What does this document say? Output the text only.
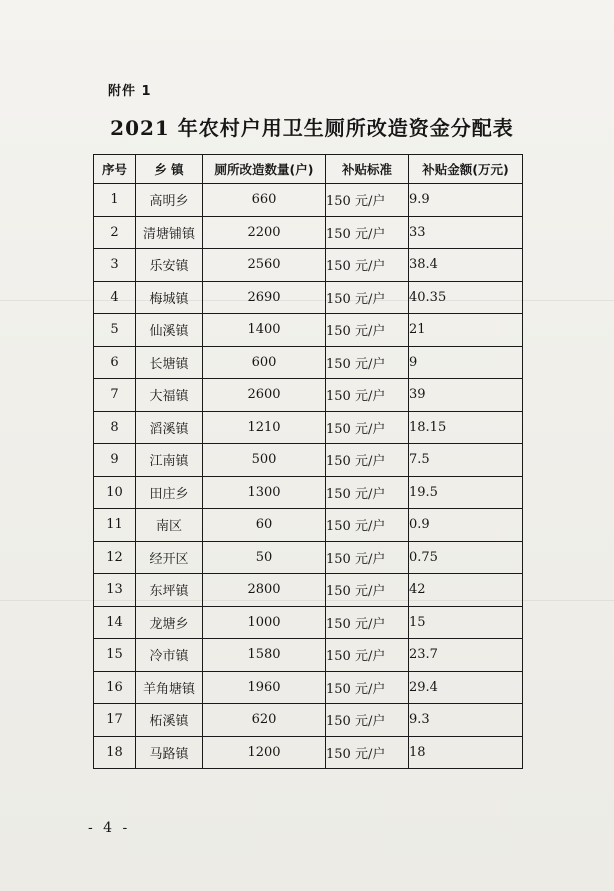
附件 1
2021 年农村户用卫生厕所改造资金分配表
序号	乡 镇	厕所改造数量(户)	补贴标准	补贴金额(万元)
1	高明乡	660	150 元/户	9.9
2	清塘铺镇	2200	150 元/户	33
3	乐安镇	2560	150 元/户	38.4
4	梅城镇	2690	150 元/户	40.35
5	仙溪镇	1400	150 元/户	21
6	长塘镇	600	150 元/户	9
7	大福镇	2600	150 元/户	39
8	滔溪镇	1210	150 元/户	18.15
9	江南镇	500	150 元/户	7.5
10	田庄乡	1300	150 元/户	19.5
11	南区	60	150 元/户	0.9
12	经开区	50	150 元/户	0.75
13	东坪镇	2800	150 元/户	42
14	龙塘乡	1000	150 元/户	15
15	冷市镇	1580	150 元/户	23.7
16	羊角塘镇	1960	150 元/户	29.4
17	柘溪镇	620	150 元/户	9.3
18	马路镇	1200	150 元/户	18
- 4 -
